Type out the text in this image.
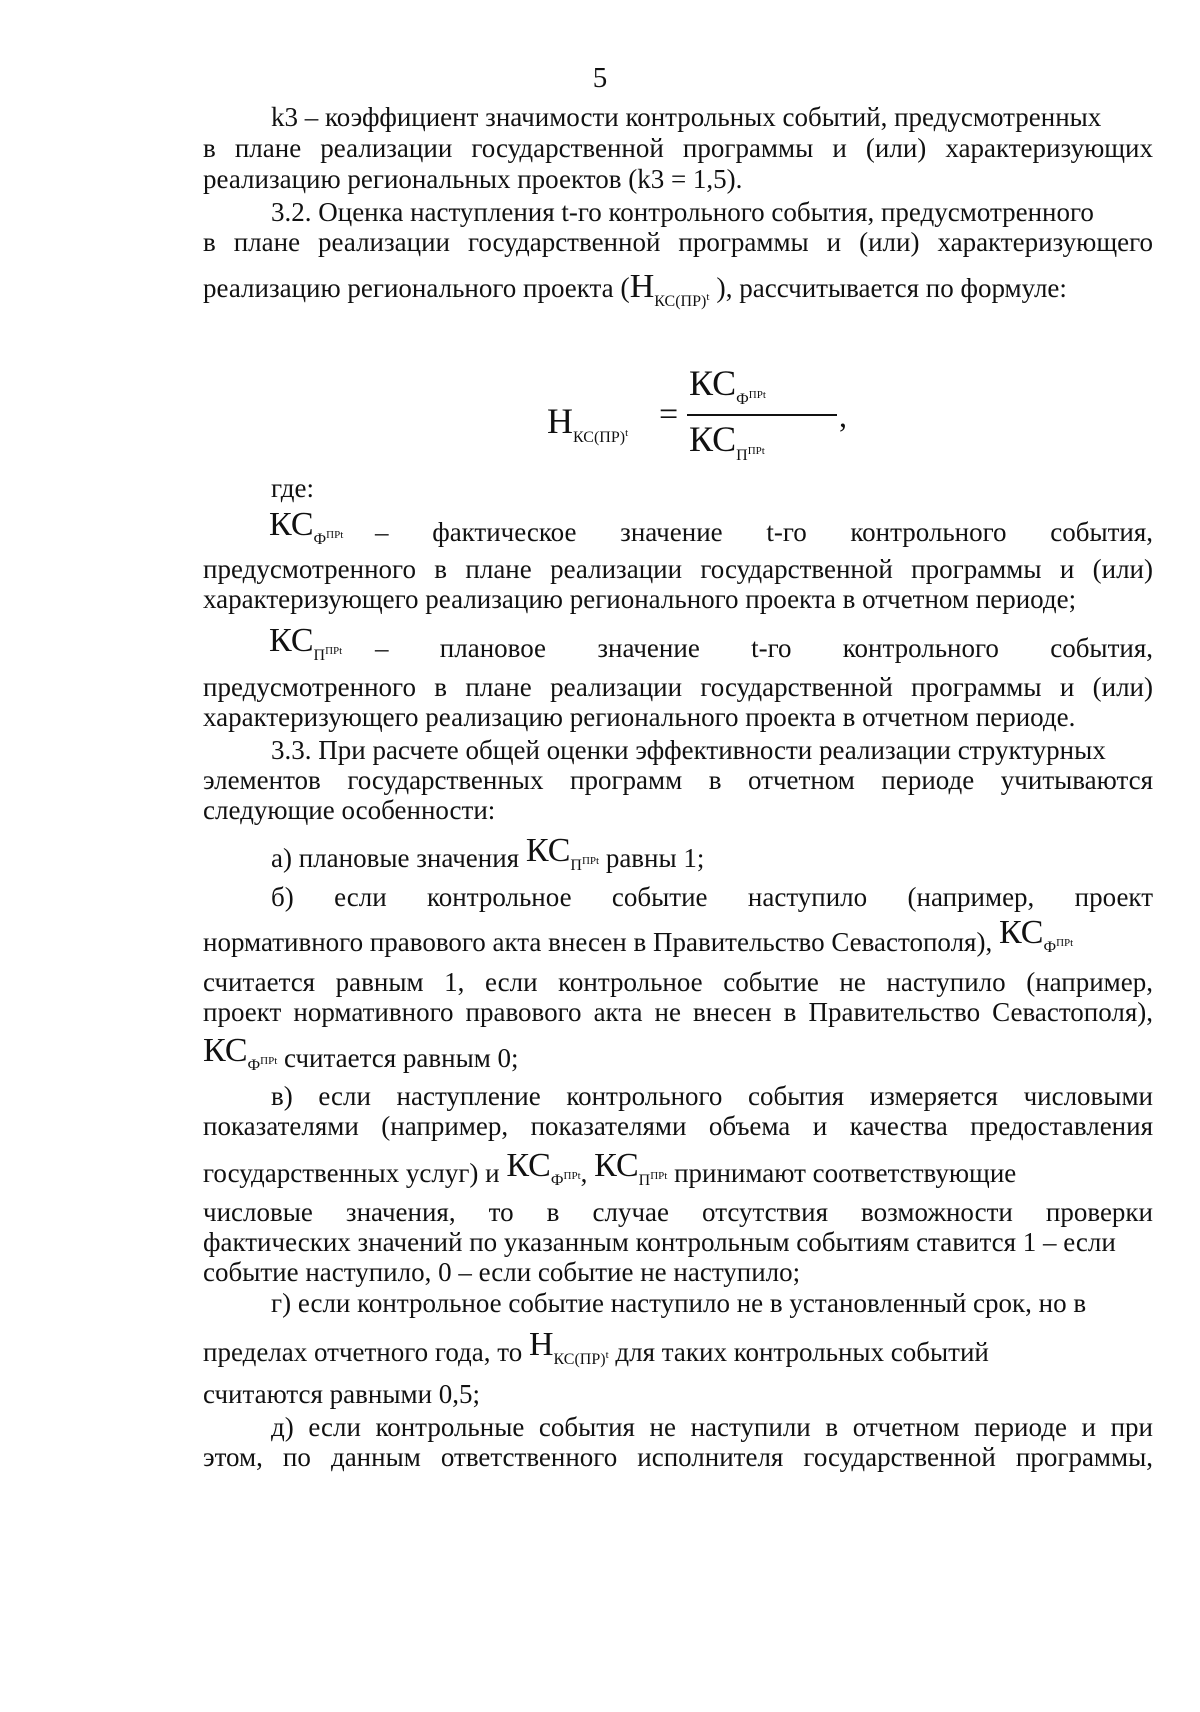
5
k3 – коэффициент значимости контрольных событий, предусмотренных
в плане реализации государственной программы и (или) характеризующих
реализацию региональных проектов (k3 = 1,5).
3.2. Оценка наступления t-го контрольного события, предусмотренного
в плане реализации государственной программы и (или) характеризующего
реализацию регионального проекта ($Н_{КС(ПР)}t$ ), рассчитывается по формуле:
$Н_{КС(ПР)}t$ =
$КС_ФПРt$
$КС_ППРt$
,
где:
$КС_ФПРt$ – фактическое значение t-го контрольного события,
предусмотренного в плане реализации государственной программы и (или)
характеризующего реализацию регионального проекта в отчетном периоде;
$КС_ППРt$ – плановое значение t-го контрольного события,
предусмотренного в плане реализации государственной программы и (или)
характеризующего реализацию регионального проекта в отчетном периоде.
3.3. При расчете общей оценки эффективности реализации структурных
элементов государственных программ в отчетном периоде учитываются
следующие особенности:
а) плановые значения $КС_ППРt$ равны 1;
б) если контрольное событие наступило (например, проект
нормативного правового акта внесен в Правительство Севастополя), $КС_ФПРt$
считается равным 1, если контрольное событие не наступило (например,
проект нормативного правового акта не внесен в Правительство Севастополя),
$КС_ФПРt$ считается равным 0;
в) если наступление контрольного события измеряется числовыми
показателями (например, показателями объема и качества предоставления
государственных услуг) и $КС_ФПРt$, $КС_ППРt$ принимают соответствующие
числовые значения, то в случае отсутствия возможности проверки
фактических значений по указанным контрольным событиям ставится 1 – если
событие наступило, 0 – если событие не наступило;
г) если контрольное событие наступило не в установленный срок, но в
пределах отчетного года, то $Н_{КС(ПР)}t$ для таких контрольных событий
считаются равными 0,5;
д) если контрольные события не наступили в отчетном периоде и при
этом, по данным ответственного исполнителя государственной программы,
